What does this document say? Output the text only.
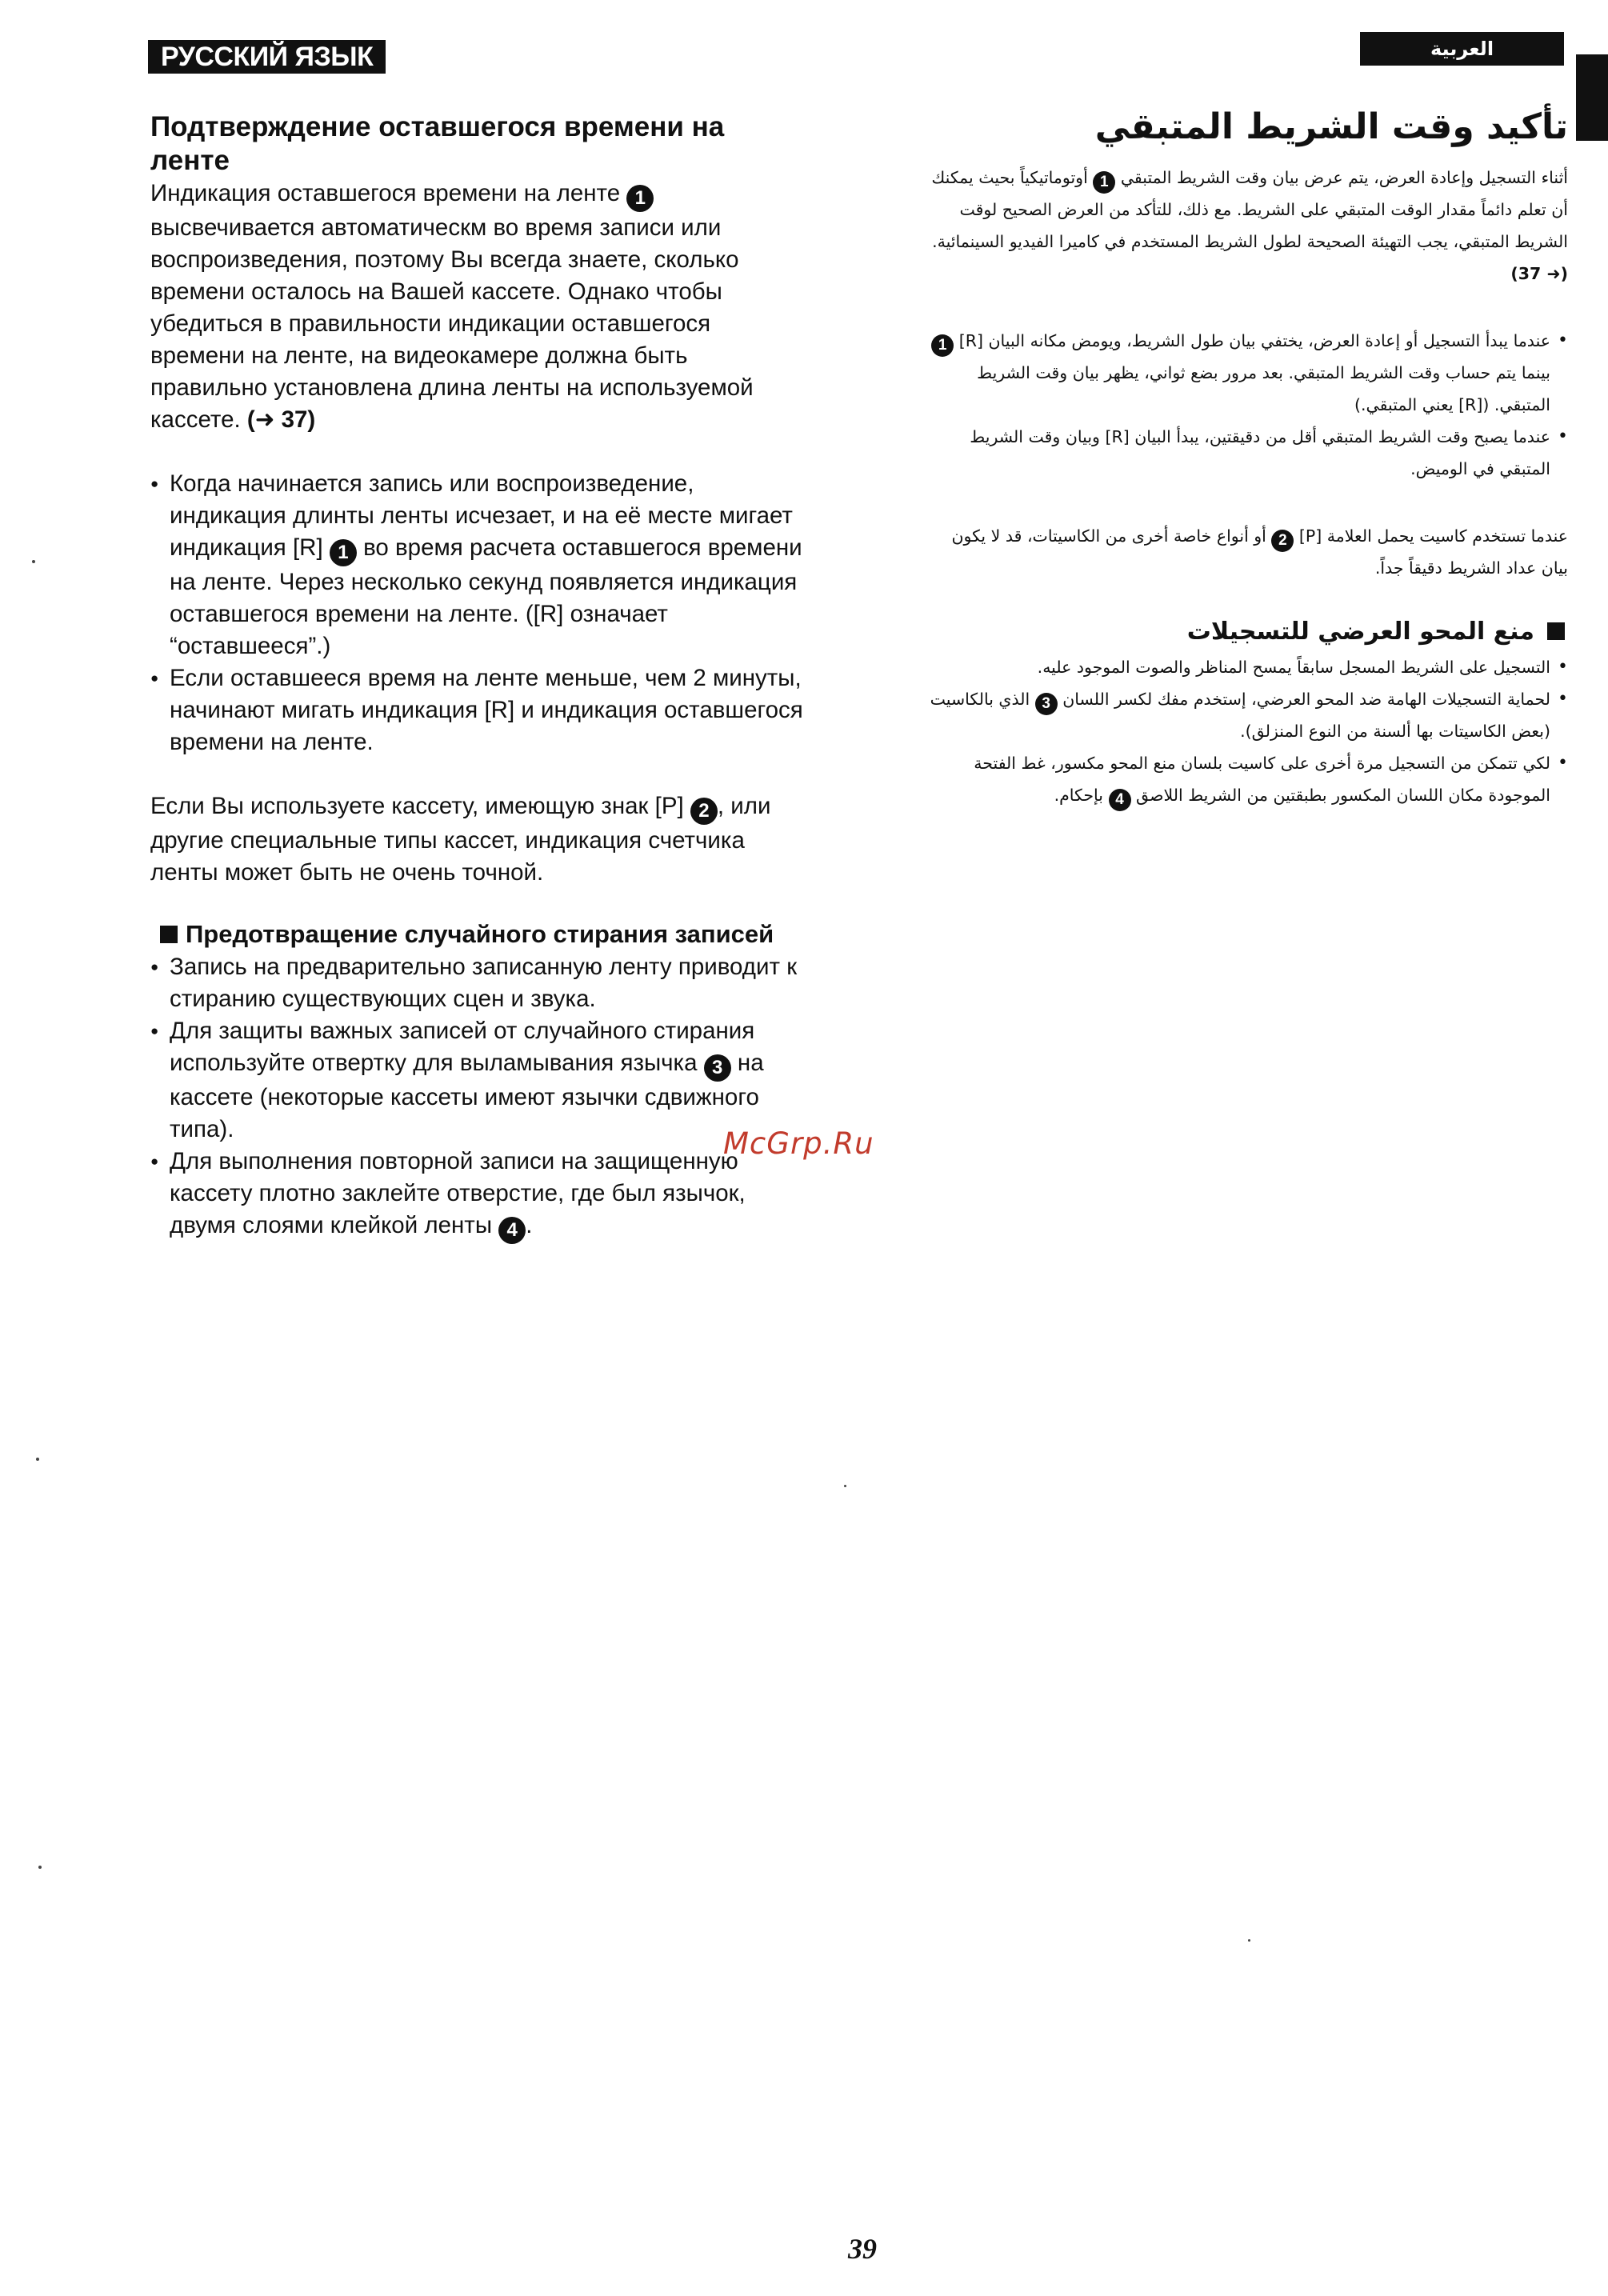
РУССКИЙ ЯЗЫК	العربية
Подтверждение оставшегося времени на ленте

Индикация оставшегося времени на ленте 1 высвечивается автоматическм во время записи или воспроизведения, поэтому Вы всегда знаете, сколько времени осталось на Вашей кассете. Однако чтобы убедиться в правильности индикации оставшегося времени на ленте, на видеокамере должна быть правильно установлена длина ленты на используемой кассете. (➜ 37)

● Когда начинается запись или воспроизведение, индикация длинты ленты исчезает, и на её месте мигает индикация [R] 1 во время расчета оставшегося времени на ленте. Через несколько секунд появляется индикация оставшегося времени на ленте. ([R] означает “оставшееся”.)

● Если оставшееся время на ленте меньше, чем 2 минуты, начинают мигать индикация [R] и индикация оставшегося времени на ленте.

Если Вы используете кассету, имеющую знак [P] 2 , или другие специальные типы кассет, индикация счетчика ленты может быть не очень точной.

Предотвращение случайного стирания записей

● Запись на предварительно записанную ленту приводит к стиранию существующих сцен и звука.

● Для защиты важных записей от случайного стирания используйте отвертку для выламывания язычка 3 на кассете (некоторые кассеты имеют язычки сдвижного типа).

● Для выполнения повторной записи на защищенную кассету плотно заклейте отверстие, где был язычок, двумя слоями клейкой ленты 4 .

تأكيد وقت الشريط المتبقي

أثناء التسجيل وإعادة العرض، يتم عرض بيان وقت الشريط المتبقي 1 أوتوماتيكياً بحيث يمكنك أن تعلم دائماً مقدار الوقت المتبقي على الشريط. مع ذلك، للتأكد من العرض الصحيح لوقت الشريط المتبقي، يجب التهيئة الصحيحة لطول الشريط المستخدم في كاميرا الفيديو السينمائية. (➜ 37)

• عندما يبدأ التسجيل أو إعادة العرض، يختفي بيان طول الشريط، ويومض مكانه البيان [R] 1 بينما يتم حساب وقت الشريط المتبقي. بعد مرور بضع ثواني، يظهر بيان وقت الشريط المتبقي. ([R] يعني المتبقي.)

• عندما يصبح وقت الشريط المتبقي أقل من دقيقتين، يبدأ البيان [R] وبيان وقت الشريط المتبقي في الوميض.

عندما تستخدم كاسيت يحمل العلامة [P] 2 أو أنواع خاصة أخرى من الكاسيتات، قد لا يكون بيان عداد الشريط دقيقاً جداً.

منع المحو العرضي للتسجيلات

• التسجيل على الشريط المسجل سابقاً يمسح المناظر والصوت الموجود عليه.

• لحماية التسجيلات الهامة ضد المحو العرضي، إستخدم مفك لكسر اللسان 3 الذي بالكاسيت (بعض الكاسيتات بها ألسنة من النوع المنزلق).

• لكي تتمكن من التسجيل مرة أخرى على كاسيت بلسان منع المحو مكسور، غط الفتحة الموجودة مكان اللسان المكسور بطبقتين من الشريط اللاصق 4 بإحكام.

McGrp.Ru
39
